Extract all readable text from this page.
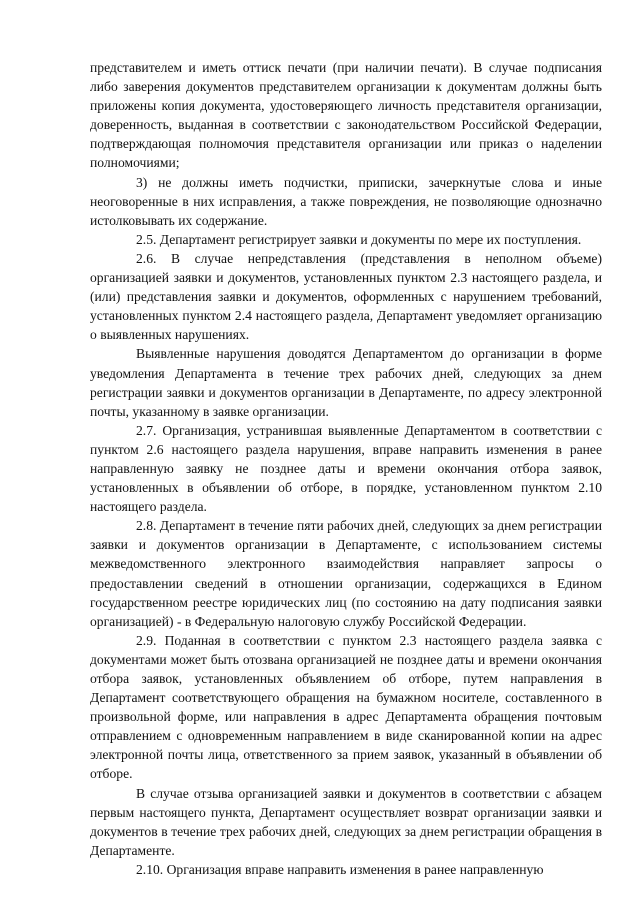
представителем и иметь оттиск печати (при наличии печати). В случае подписания либо заверения документов представителем организации к документам должны быть приложены копия документа, удостоверяющего личность представителя организации, доверенность, выданная в соответствии с законодательством Российской Федерации, подтверждающая полномочия представителя организации или приказ о наделении полномочиями;

3) не должны иметь подчистки, приписки, зачеркнутые слова и иные неоговоренные в них исправления, а также повреждения, не позволяющие однозначно истолковывать их содержание.

2.5. Департамент регистрирует заявки и документы по мере их поступления.

2.6. В случае непредставления (представления в неполном объеме) организацией заявки и документов, установленных пунктом 2.3 настоящего раздела, и (или) представления заявки и документов, оформленных с нарушением требований, установленных пунктом 2.4 настоящего раздела, Департамент уведомляет организацию о выявленных нарушениях.

Выявленные нарушения доводятся Департаментом до организации в форме уведомления Департамента в течение трех рабочих дней, следующих за днем регистрации заявки и документов организации в Департаменте, по адресу электронной почты, указанному в заявке организации.

2.7. Организация, устранившая выявленные Департаментом в соответствии с пунктом 2.6 настоящего раздела нарушения, вправе направить изменения в ранее направленную заявку не позднее даты и времени окончания отбора заявок, установленных в объявлении об отборе, в порядке, установленном пунктом 2.10 настоящего раздела.

2.8. Департамент в течение пяти рабочих дней, следующих за днем регистрации заявки и документов организации в Департаменте, с использованием системы межведомственного электронного взаимодействия направляет запросы о предоставлении сведений в отношении организации, содержащихся в Едином государственном реестре юридических лиц (по состоянию на дату подписания заявки организацией) - в Федеральную налоговую службу Российской Федерации.

2.9. Поданная в соответствии с пунктом 2.3 настоящего раздела заявка с документами может быть отозвана организацией не позднее даты и времени окончания отбора заявок, установленных объявлением об отборе, путем направления в Департамент соответствующего обращения на бумажном носителе, составленного в произвольной форме, или направления в адрес Департамента обращения почтовым отправлением с одновременным направлением в виде сканированной копии на адрес электронной почты лица, ответственного за прием заявок, указанный в объявлении об отборе.

В случае отзыва организацией заявки и документов в соответствии с абзацем первым настоящего пункта, Департамент осуществляет возврат организации заявки и документов в течение трех рабочих дней, следующих за днем регистрации обращения в Департаменте.

2.10. Организация вправе направить изменения в ранее направленную
